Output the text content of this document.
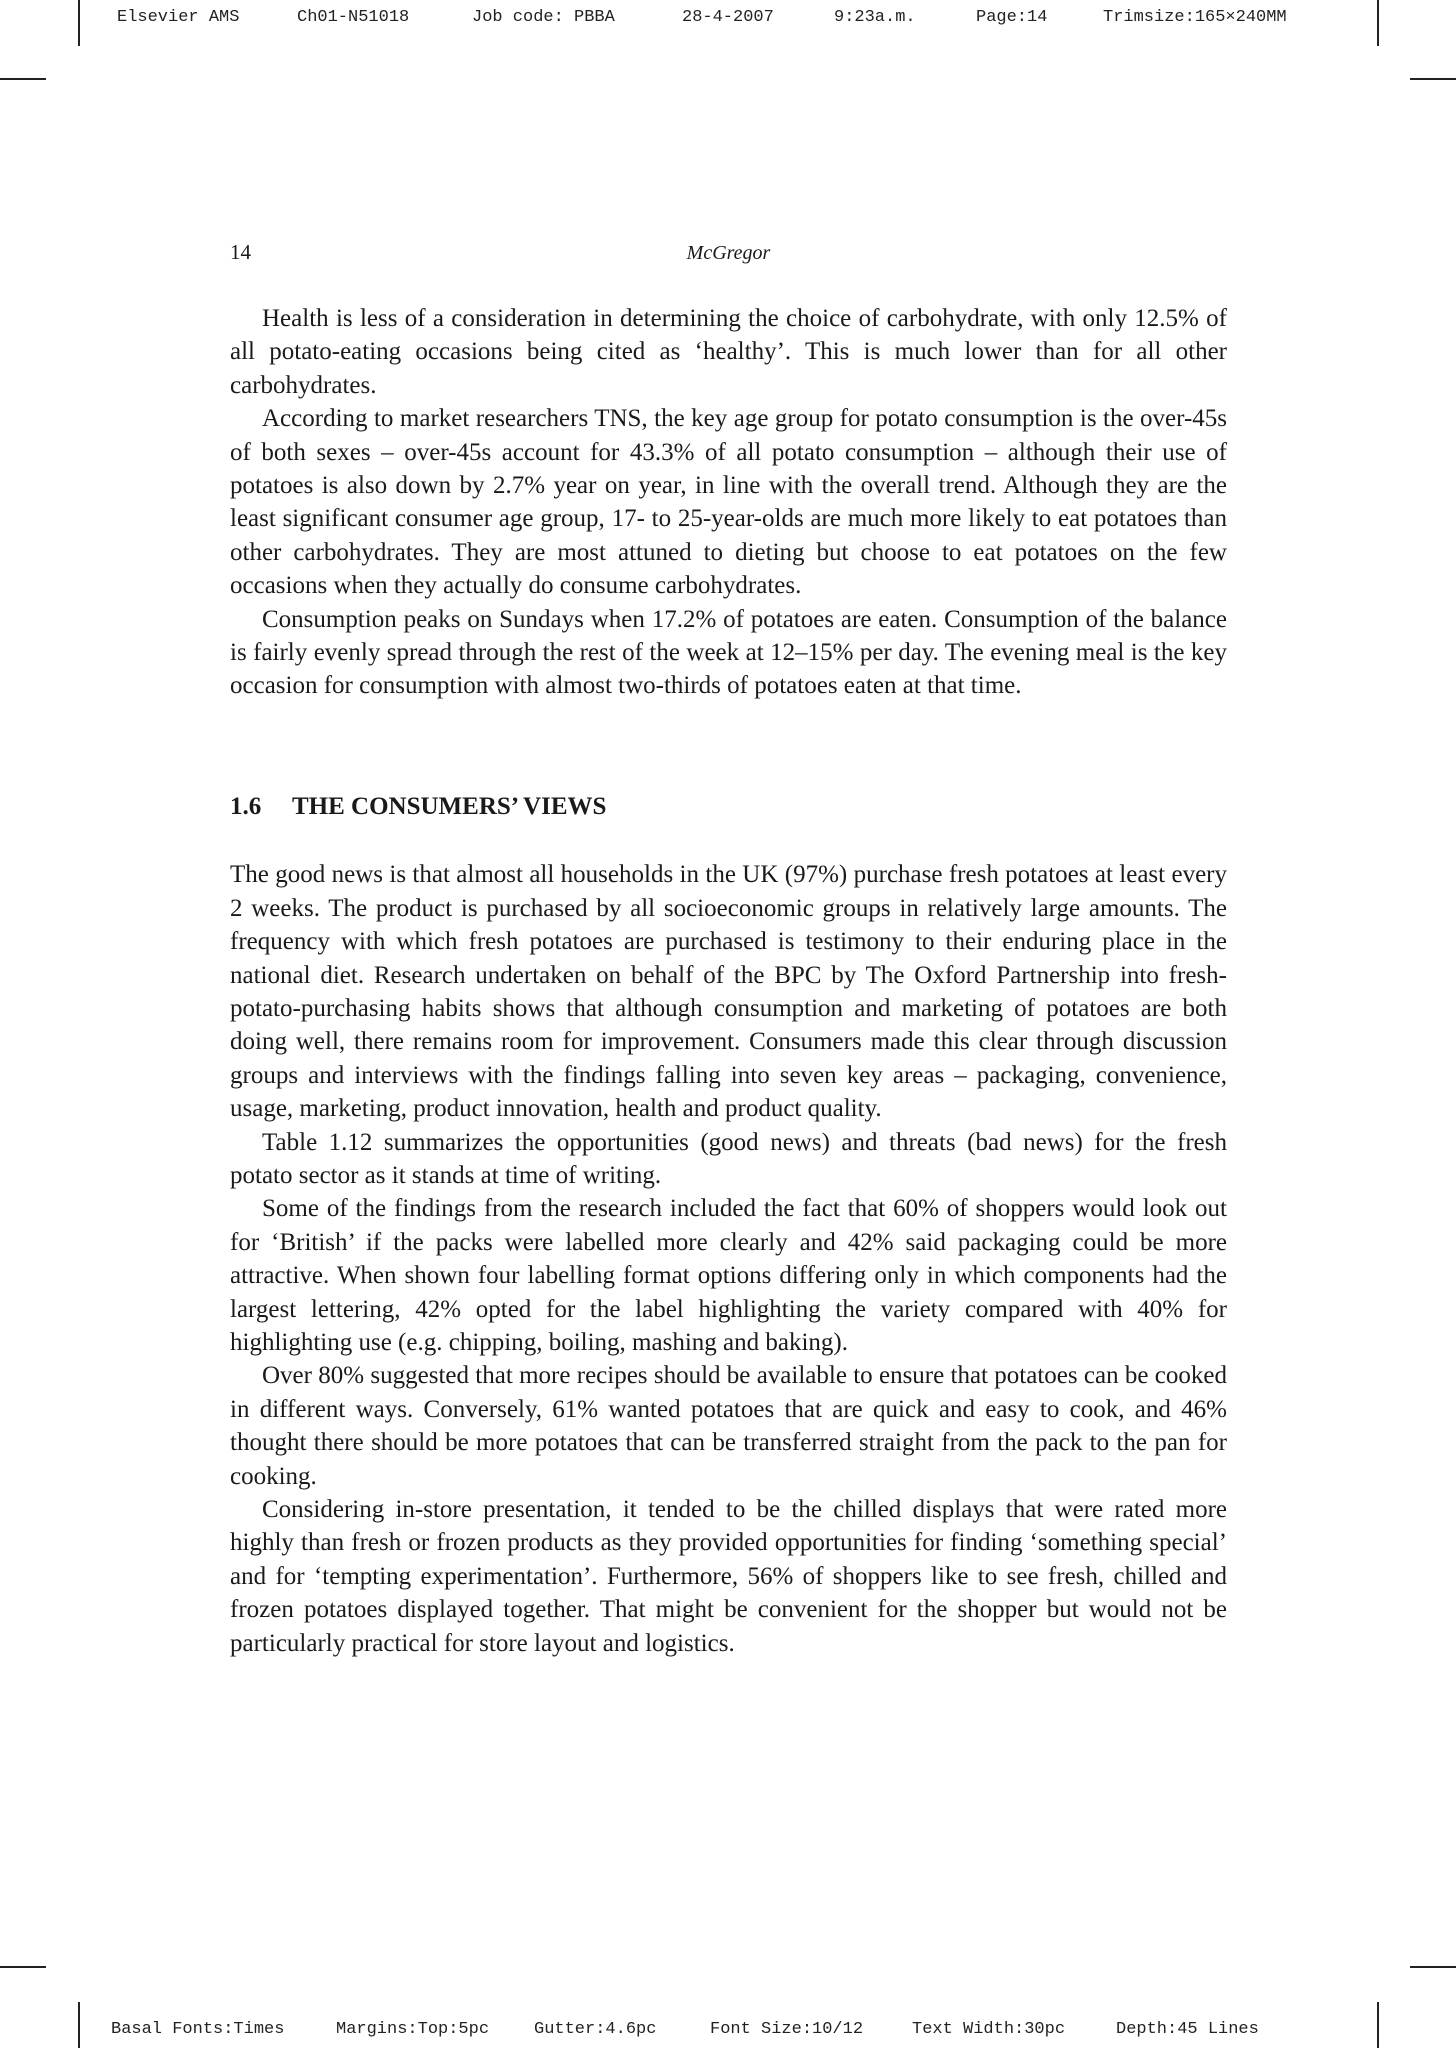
Elsevier AMS

	Ch01-N51018

	Job code: PBBA

	28-4-2007

	9:23a.m.

	Page:14

	Trimsize:165×240MM

14	McGregor

Health is less of a consideration in determining the choice of carbohydrate, with only 12.5% of all potato-eating occasions being cited as ‘healthy’. This is much lower than for all other carbohydrates.

According to market researchers TNS, the key age group for potato consumption is the over-45s of both sexes – over-45s account for 43.3% of all potato consumption – although their use of potatoes is also down by 2.7% year on year, in line with the overall trend. Although they are the least significant consumer age group, 17- to 25-year-olds are much more likely to eat potatoes than other carbohydrates. They are most attuned to dieting but choose to eat potatoes on the few occasions when they actually do consume carbohydrates.

Consumption peaks on Sundays when 17.2% of potatoes are eaten. Consumption of the balance is fairly evenly spread through the rest of the week at 12–15% per day. The evening meal is the key occasion for consumption with almost two-thirds of potatoes eaten at that time.

1.6 THE CONSUMERS’ VIEWS

The good news is that almost all households in the UK (97%) purchase fresh potatoes at least every 2 weeks. The product is purchased by all socioeconomic groups in relatively large amounts. The frequency with which fresh potatoes are purchased is testimony to their enduring place in the national diet. Research undertaken on behalf of the BPC by The Oxford Partnership into fresh-potato-purchasing habits shows that although consumption and marketing of potatoes are both doing well, there remains room for improvement. Consumers made this clear through discussion groups and interviews with the findings falling into seven key areas – packaging, convenience, usage, marketing, product innovation, health and product quality.

Table 1.12 summarizes the opportunities (good news) and threats (bad news) for the fresh potato sector as it stands at time of writing.

Some of the findings from the research included the fact that 60% of shoppers would look out for ‘British’ if the packs were labelled more clearly and 42% said packaging could be more attractive. When shown four labelling format options differing only in which components had the largest lettering, 42% opted for the label highlighting the variety compared with 40% for highlighting use (e.g. chipping, boiling, mashing and baking).

Over 80% suggested that more recipes should be available to ensure that potatoes can be cooked in different ways. Conversely, 61% wanted potatoes that are quick and easy to cook, and 46% thought there should be more potatoes that can be transferred straight from the pack to the pan for cooking.

Considering in-store presentation, it tended to be the chilled displays that were rated more highly than fresh or frozen products as they provided opportunities for finding ‘something special’ and for ‘tempting experimentation’. Furthermore, 56% of shoppers like to see fresh, chilled and frozen potatoes displayed together. That might be convenient for the shopper but would not be particularly practical for store layout and logistics.

Basal Fonts:Times

	Margins:Top:5pc

	Gutter:4.6pc

	Font Size:10/12

	Text Width:30pc

	Depth:45 Lines
